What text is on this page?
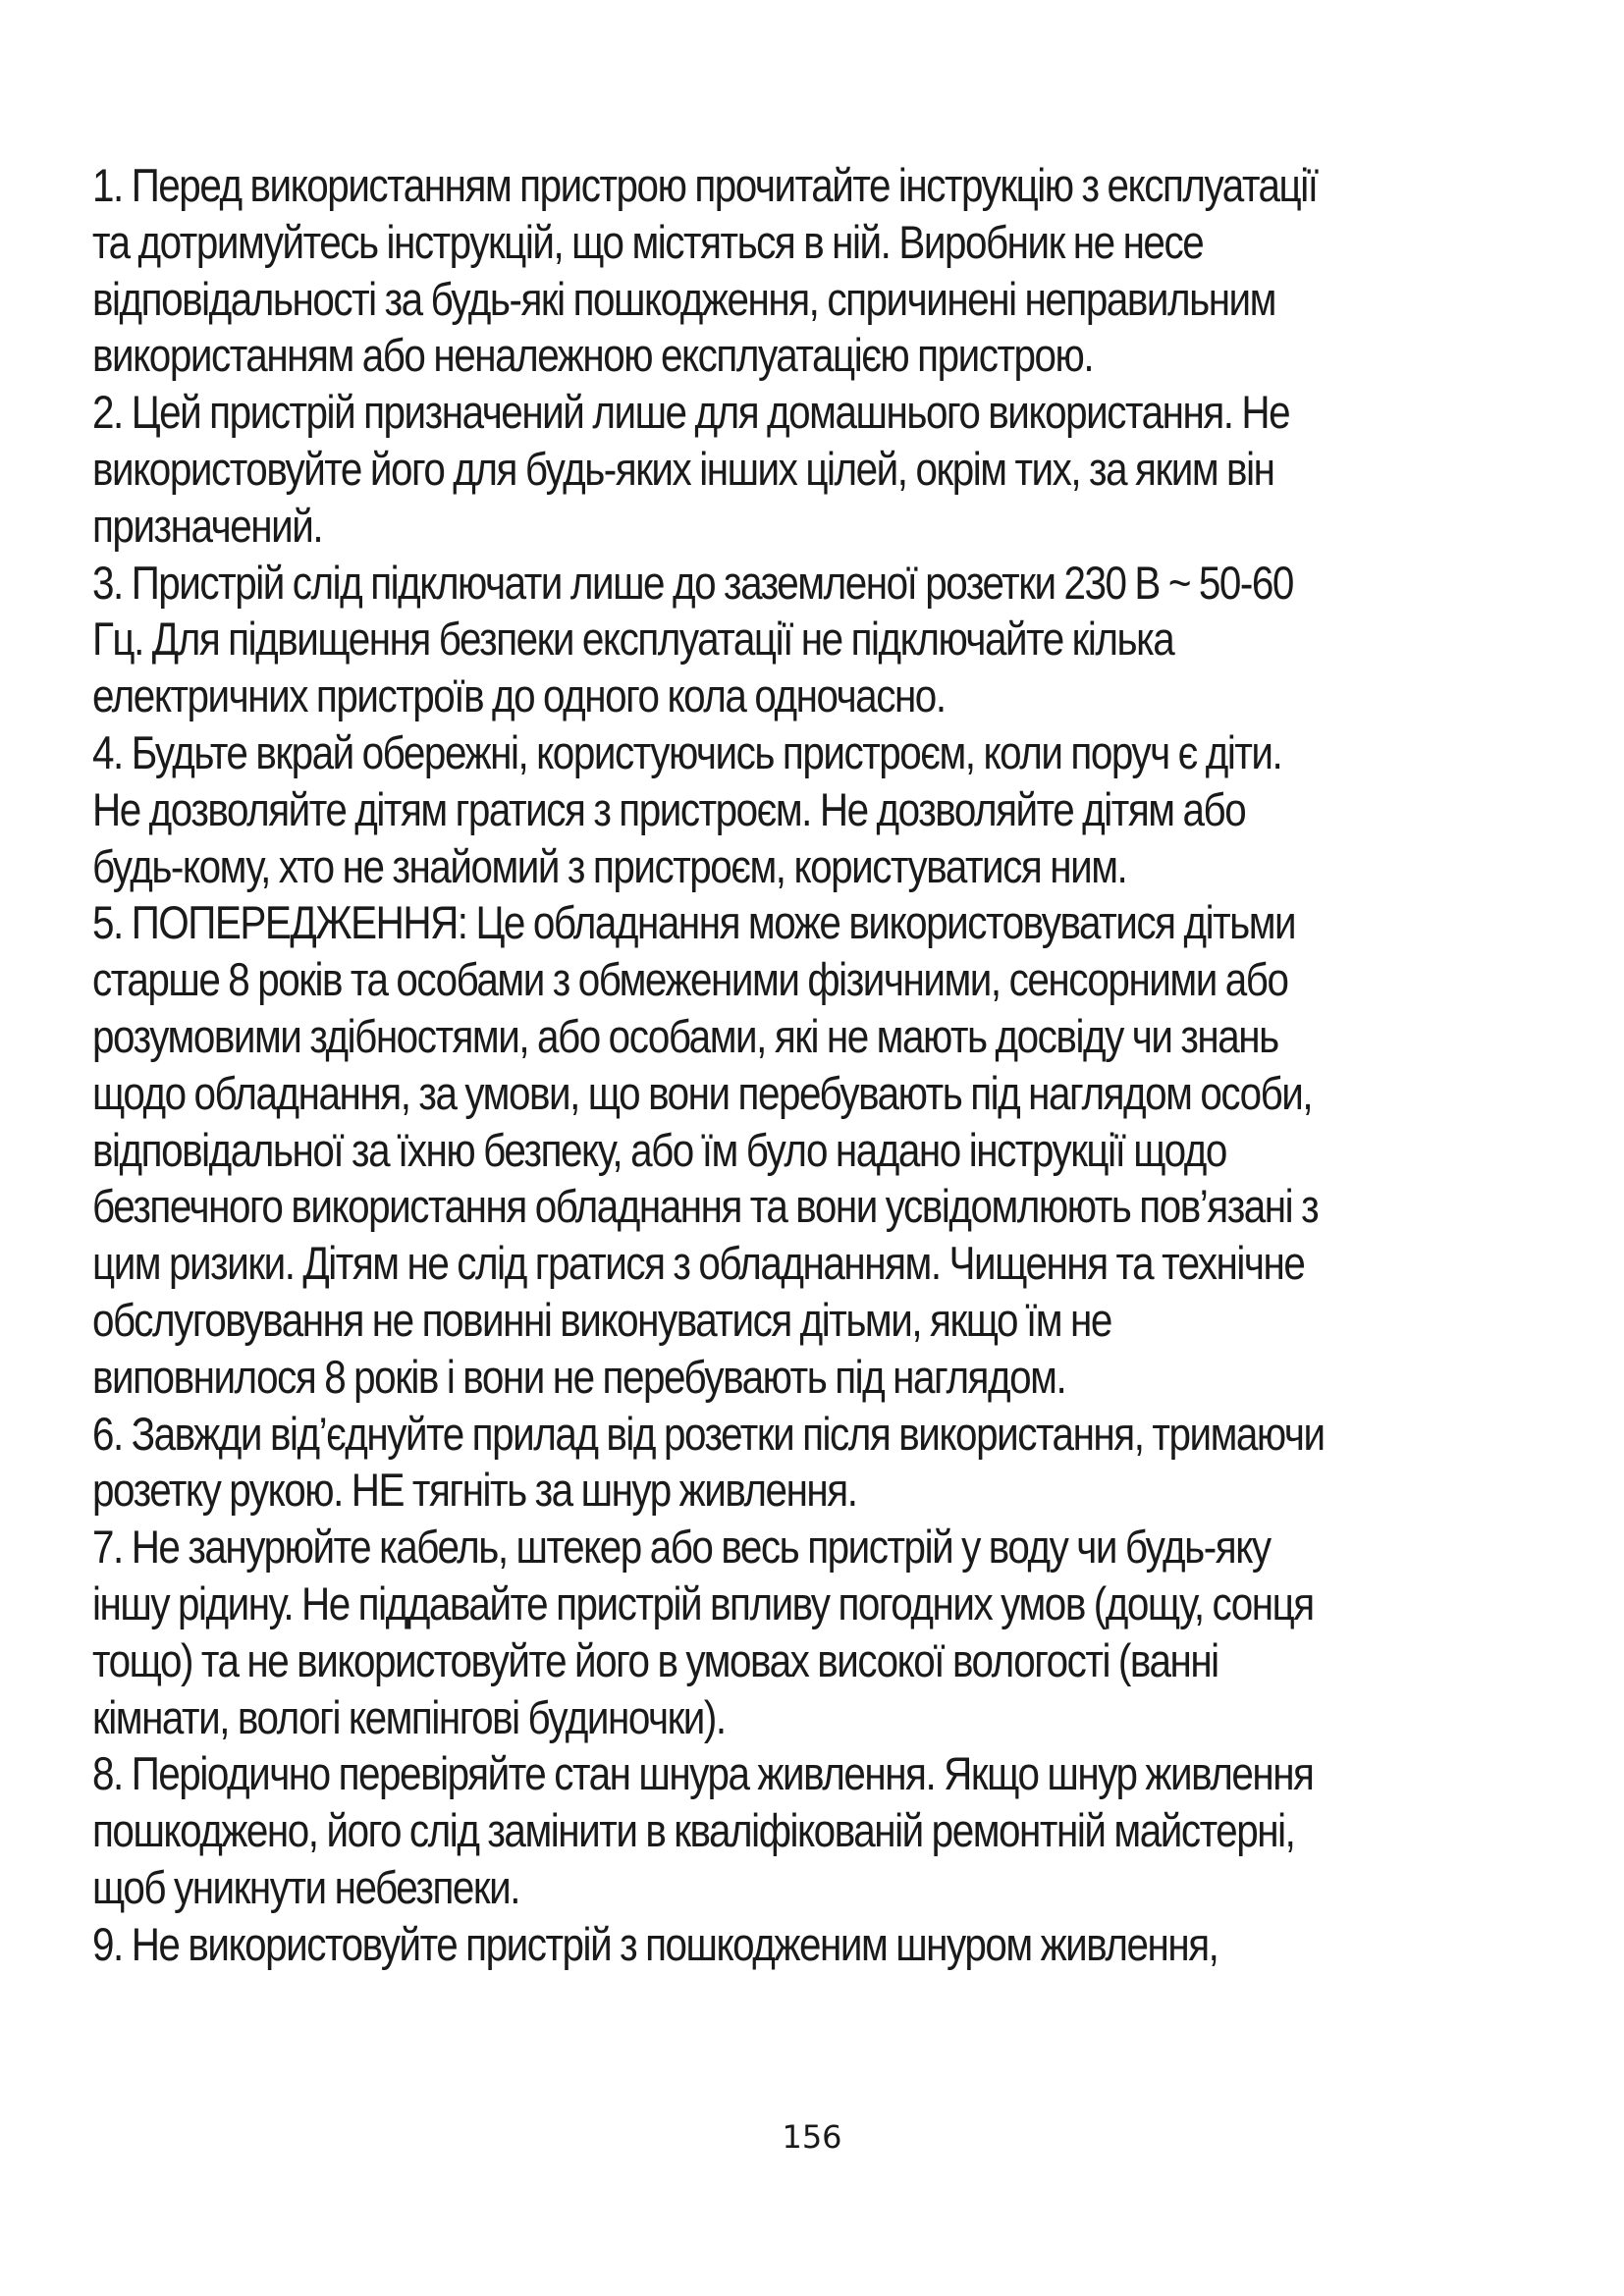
1. Перед використанням пристрою прочитайте інструкцію з експлуатації та дотримуйтесь інструкцій, що містяться в ній. Виробник не несе відповідальності за будь-які пошкодження, спричинені неправильним використанням або неналежною експлуатацією пристрою.

2. Цей пристрій призначений лише для домашнього використання. Не використовуйте його для будь-яких інших цілей, окрім тих, за яким він призначений.

3. Пристрій слід підключати лише до заземленої розетки 230 В ~ 50-60 Гц. Для підвищення безпеки експлуатації не підключайте кілька електричних пристроїв до одного кола одночасно.

4. Будьте вкрай обережні, користуючись пристроєм, коли поруч є діти. Не дозволяйте дітям гратися з пристроєм. Не дозволяйте дітям або будь-кому, хто не знайомий з пристроєм, користуватися ним.

5. ПОПЕРЕДЖЕННЯ: Це обладнання може використовуватися дітьми старше 8 років та особами з обмеженими фізичними, сенсорними або розумовими здібностями, або особами, які не мають досвіду чи знань щодо обладнання, за умови, що вони перебувають під наглядом особи, відповідальної за їхню безпеку, або їм було надано інструкції щодо безпечного використання обладнання та вони усвідомлюють пов’язані з цим ризики. Дітям не слід гратися з обладнанням. Чищення та технічне обслуговування не повинні виконуватися дітьми, якщо їм не виповнилося 8 років і вони не перебувають під наглядом.

6. Завжди від’єднуйте прилад від розетки після використання, тримаючи розетку рукою. НЕ тягніть за шнур живлення.

7. Не занурюйте кабель, штекер або весь пристрій у воду чи будь-яку іншу рідину. Не піддавайте пристрій впливу погодних умов (дощу, сонця тощо) та не використовуйте його в умовах високої вологості (ванні кімнати, вологі кемпінгові будиночки).

8. Періодично перевіряйте стан шнура живлення. Якщо шнур живлення пошкоджено, його слід замінити в кваліфікованій ремонтній майстерні, щоб уникнути небезпеки.

9. Не використовуйте пристрій з пошкодженим шнуром живлення,

156
